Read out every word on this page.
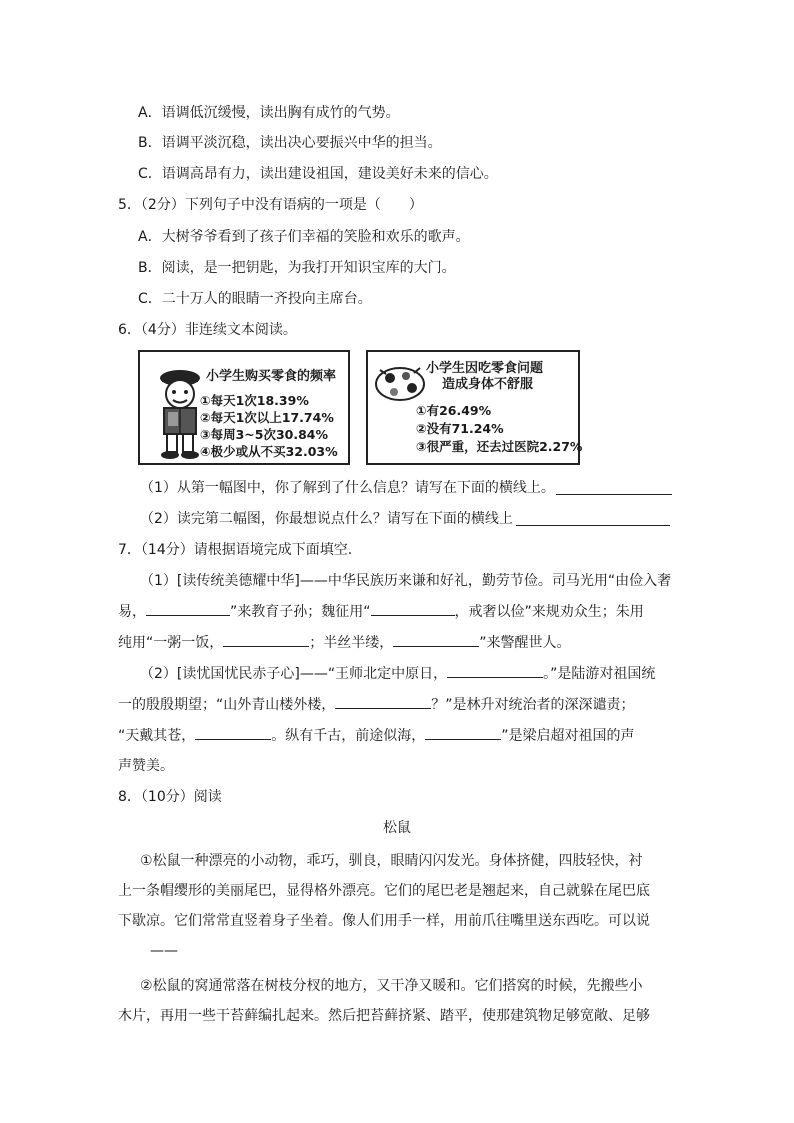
A．语调低沉缓慢，读出胸有成竹的气势。
B．语调平淡沉稳，读出决心要振兴中华的担当。
C．语调高昂有力，读出建设祖国，建设美好未来的信心。
5．（2分）下列句子中没有语病的一项是（　　）
A．大树爷爷看到了孩子们幸福的笑脸和欢乐的歌声。
B．阅读，是一把钥匙，为我打开知识宝库的大门。
C．二十万人的眼睛一齐投向主席台。
6．（4分）非连续文本阅读。
小学生购买零食的频率
①每天1次18.39%
②每天1次以上17.74%
③每周3~5次30.84%
④极少或从不买32.03%
小学生因吃零食问题
造成身体不舒服
①有26.49%
②没有71.24%
③很严重，还去过医院2.27%
（1）从第一幅图中，你了解到了什么信息？请写在下面的横线上。
（2）读完第二幅图，你最想说点什么？请写在下面的横线上
7．（14分）请根据语境完成下面填空.
（1）[读传统美德耀中华]——中华民族历来谦和好礼，勤劳节俭。司马光用“由俭入奢
易，	”来教育子孙；魏征用“	，戒奢以俭”来规劝众生；朱用
纯用“一粥一饭，	；半丝半缕，	”来警醒世人。
（2）[读忧国忧民赤子心]——“王师北定中原日，	。”是陆游对祖国统
一的殷殷期望；“山外青山楼外楼，	？”是林升对统治者的深深谴责；
“天戴其苍，	。纵有千古，前途似海，	”是梁启超对祖国的声
声赞美。
8．（10分）阅读
松鼠
①松鼠一种漂亮的小动物，乖巧，驯良，眼睛闪闪发光。身体挤健，四肢轻快，衬
上一条帽缨形的美丽尾巴，显得格外漂亮。它们的尾巴老是翘起来，自己就躲在尾巴底
下歇凉。它们常常直竖着身子坐着。像人们用手一样，用前爪往嘴里送东西吃。可以说
——
②松鼠的窝通常落在树枝分杈的地方，又干净又暖和。它们搭窝的时候，先搬些小
木片，再用一些干苔藓编扎起来。然后把苔藓挤紧、踏平，使那建筑物足够宽敞、足够
